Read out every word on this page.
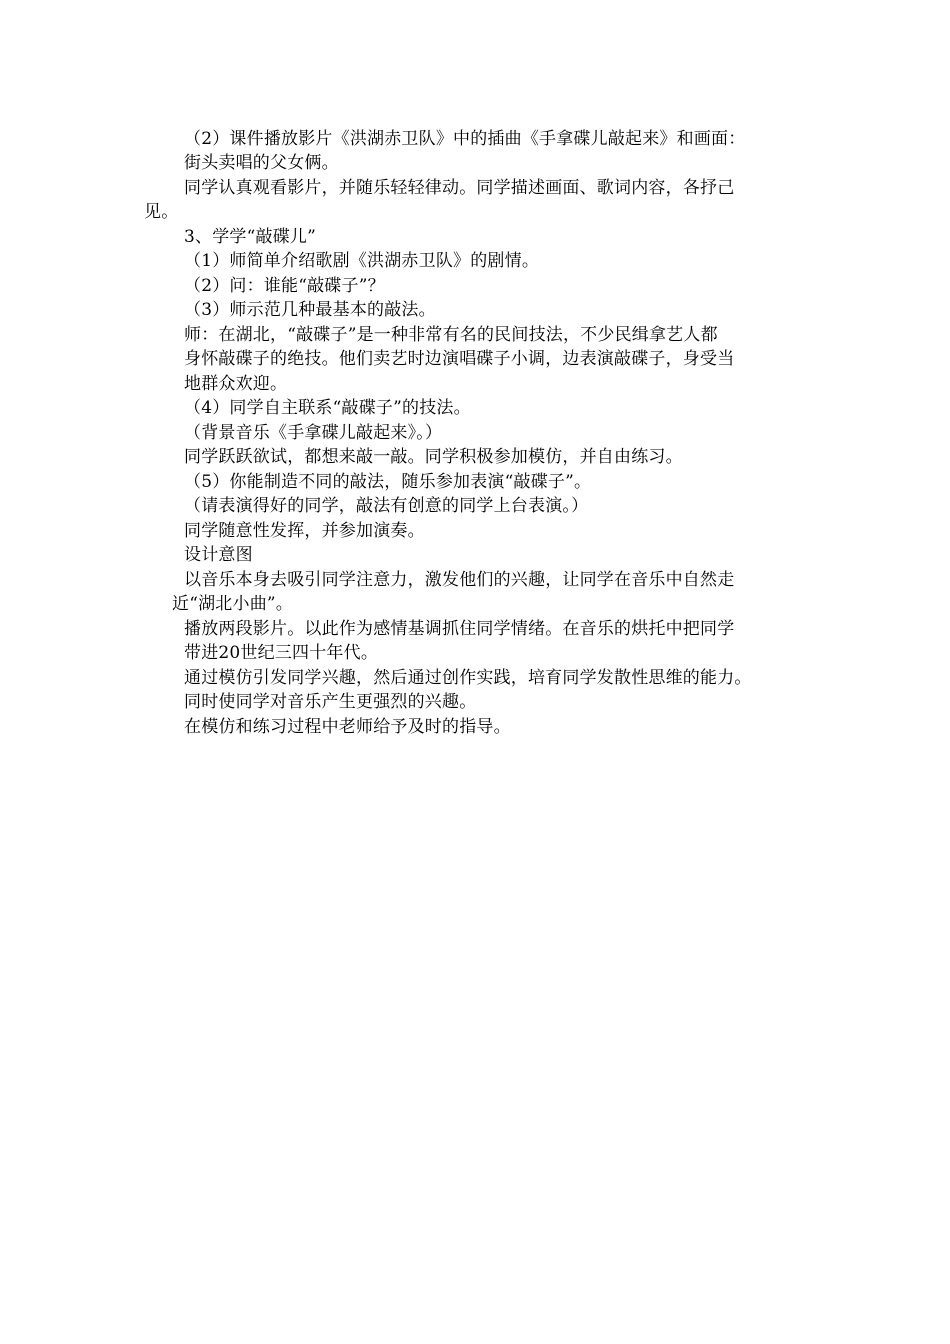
（2）课件播放影片《洪湖赤卫队》中的插曲《手拿碟儿敲起来》和画面：
街头卖唱的父女俩。
同学认真观看影片，并随乐轻轻律动。同学描述画面、歌词内容，各抒己
见。
3、学学“敲碟儿”
（1）师简单介绍歌剧《洪湖赤卫队》的剧情。
（2）问：谁能“敲碟子”？
（3）师示范几种最基本的敲法。
师：在湖北，“敲碟子”是一种非常有名的民间技法，不少民缉拿艺人都
身怀敲碟子的绝技。他们卖艺时边演唱碟子小调，边表演敲碟子，身受当
地群众欢迎。
（4）同学自主联系“敲碟子”的技法。
（背景音乐《手拿碟儿敲起来》。）
同学跃跃欲试，都想来敲一敲。同学积极参加模仿，并自由练习。
（5）你能制造不同的敲法，随乐参加表演“敲碟子”。
（请表演得好的同学，敲法有创意的同学上台表演。）
同学随意性发挥，并参加演奏。
设计意图
以音乐本身去吸引同学注意力，激发他们的兴趣，让同学在音乐中自然走
近“湖北小曲”。
播放两段影片。以此作为感情基调抓住同学情绪。在音乐的烘托中把同学
带进20世纪三四十年代。
通过模仿引发同学兴趣，然后通过创作实践，培育同学发散性思维的能力。
同时使同学对音乐产生更强烈的兴趣。
在模仿和练习过程中老师给予及时的指导。
